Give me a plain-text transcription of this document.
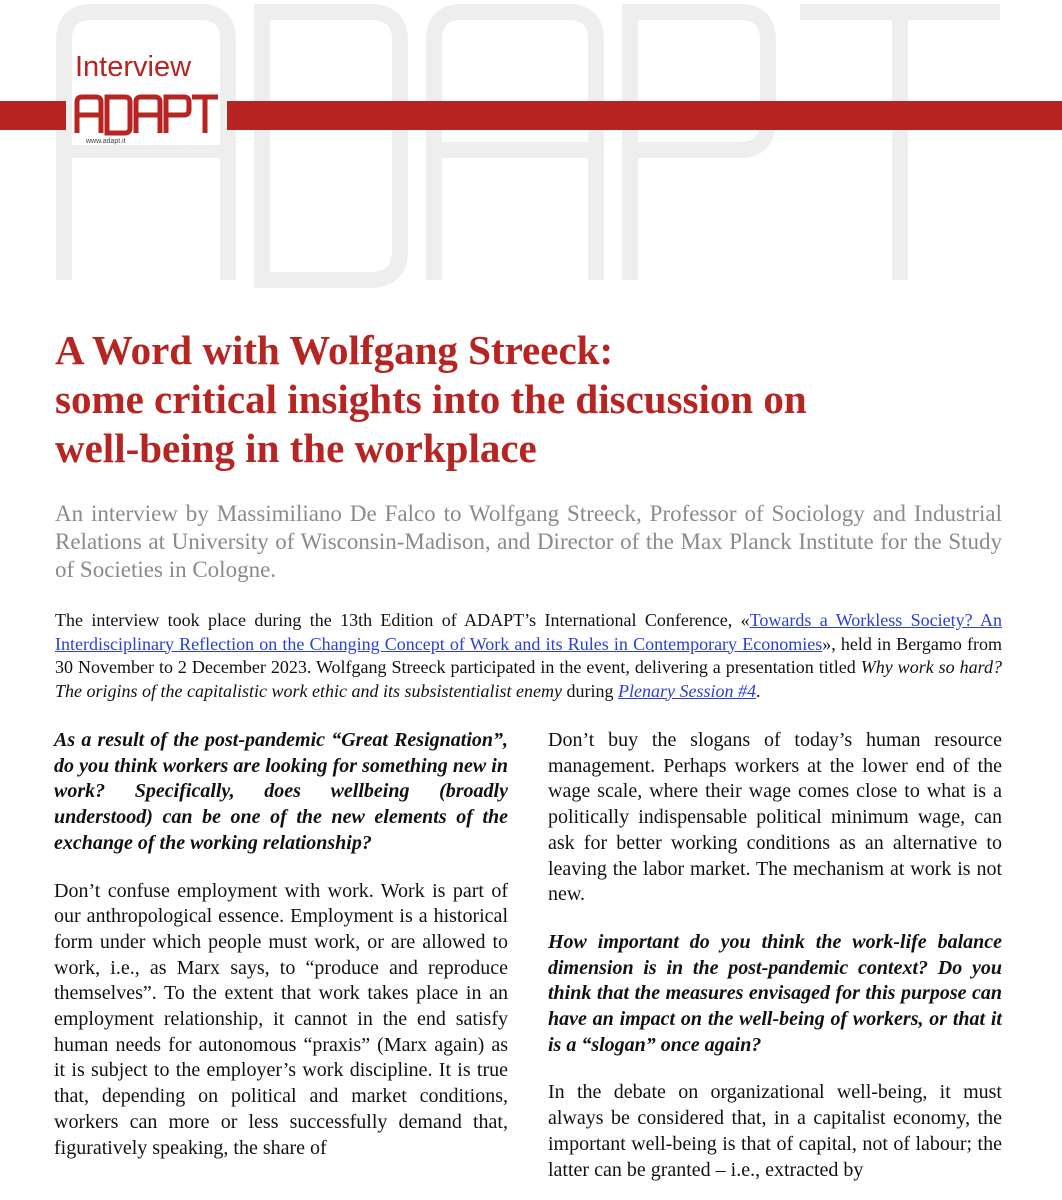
Interview
www.adapt.it
A Word with Wolfgang Streeck:
some critical insights into the discussion on
well-being in the workplace

An interview by Massimiliano De Falco to Wolfgang Streeck, Professor of Sociology and Industrial Relations at University of Wisconsin-Madison, and Director of the Max Planck Institute for the Study of Societies in Cologne.

The interview took place during the 13th Edition of ADAPT’s International Conference, «Towards a Workless Society? An Interdisciplinary Reflection on the Changing Concept of Work and its Rules in Contemporary Economies», held in Bergamo from 30 November to 2 December 2023. Wolfgang Streeck participated in the event, delivering a presentation titled Why work so hard? The origins of the capitalistic work ethic and its subsistentialist enemy during Plenary Session #4.

As a result of the post-pandemic “Great Resignation”, do you think workers are looking for something new in work? Specifically, does wellbeing (broadly understood) can be one of the new elements of the exchange of the working relationship?

Don’t confuse employment with work. Work is part of our anthropological essence. Employment is a historical form under which people must work, or are allowed to work, i.e., as Marx says, to “produce and reproduce themselves”. To the extent that work takes place in an employment relationship, it cannot in the end satisfy human needs for autonomous “praxis” (Marx again) as it is subject to the employer’s work discipline. It is true that, depending on political and market conditions, workers can more or less successfully demand that, figuratively speaking, the share of

Don’t buy the slogans of today’s human resource management. Perhaps workers at the lower end of the wage scale, where their wage comes close to what is a politically indispensable political minimum wage, can ask for better working conditions as an alternative to leaving the labor market. The mechanism at work is not new.

How important do you think the work-life balance dimension is in the post-pandemic context? Do you think that the measures envisaged for this purpose can have an impact on the well-being of workers, or that it is a “slogan” once again?

In the debate on organizational well-being, it must always be considered that, in a capitalist economy, the important well-being is that of capital, not of labour; the latter can be granted – i.e., extracted by
